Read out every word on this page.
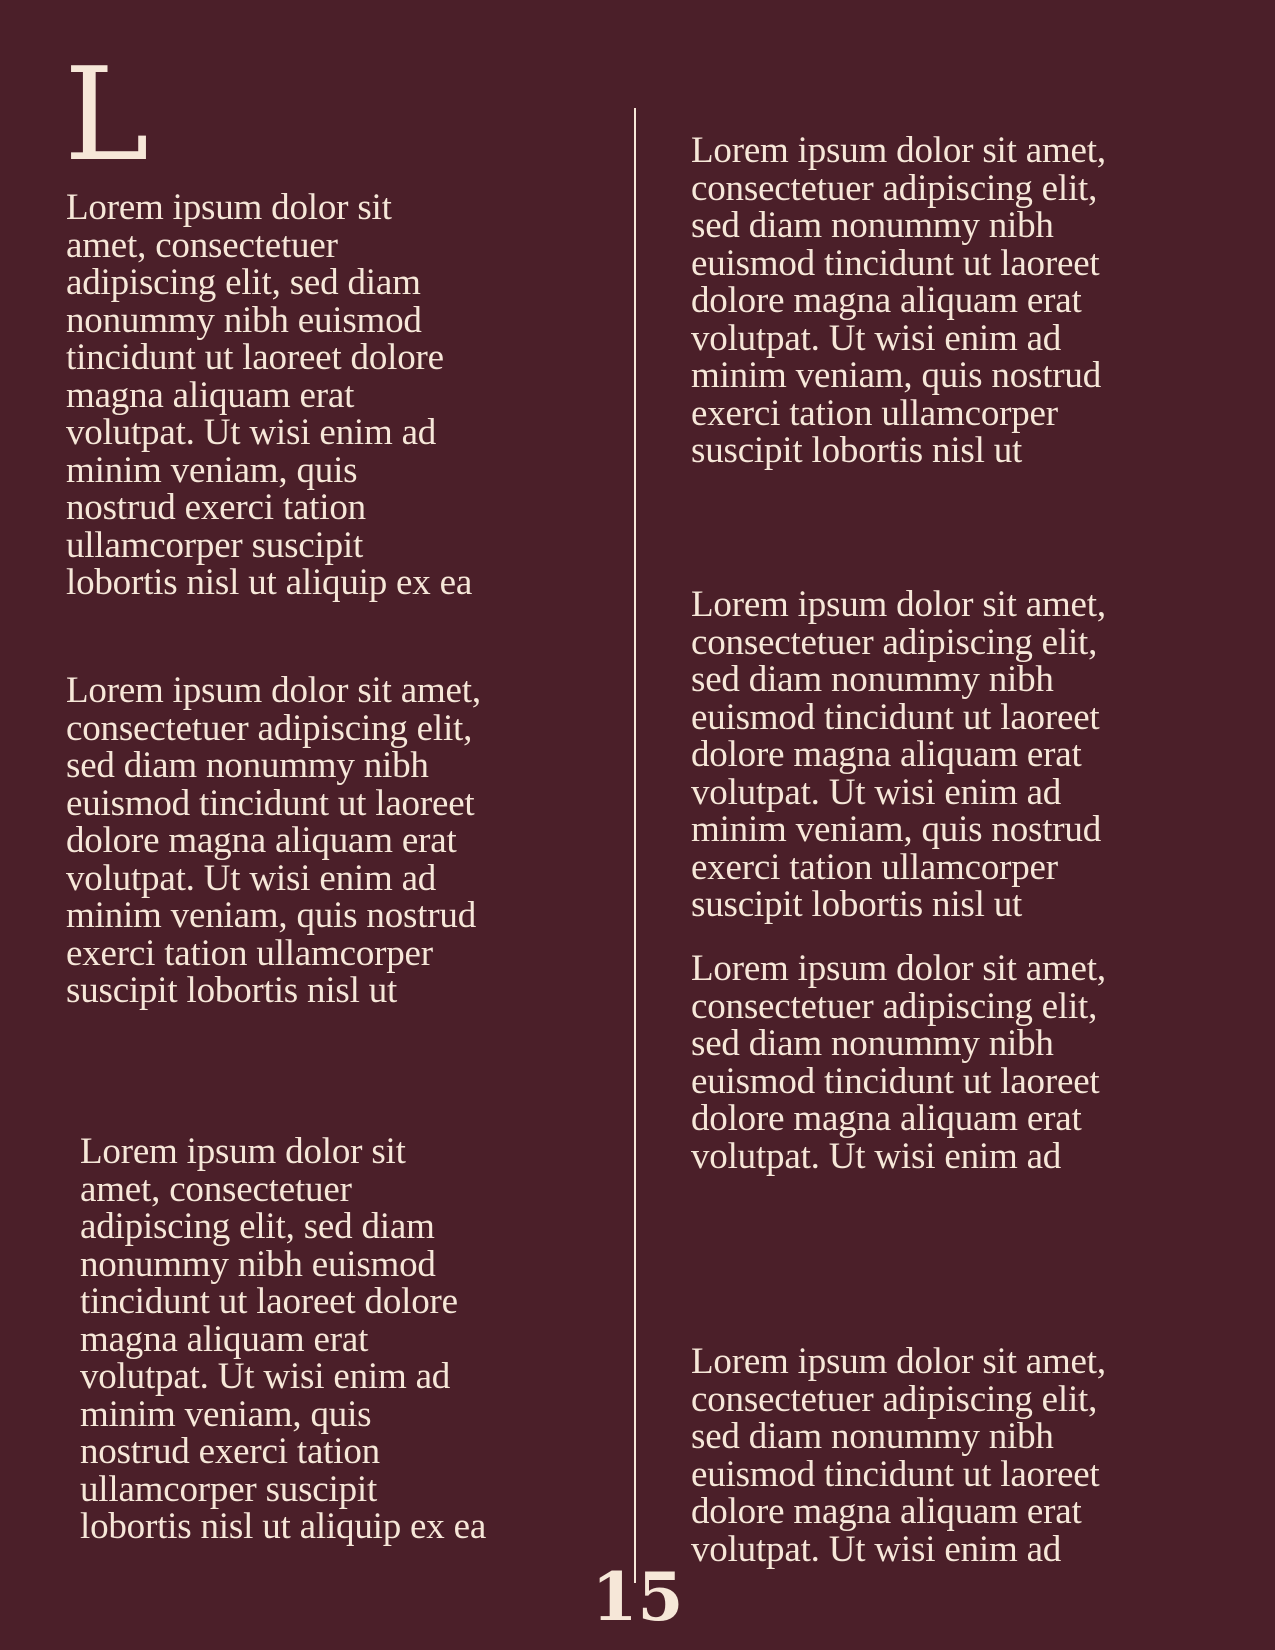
L

Lorem ipsum dolor sit
amet, consectetuer
adipiscing elit, sed diam
nonummy nibh euismod
tincidunt ut laoreet dolore
magna aliquam erat
volutpat. Ut wisi enim ad
minim veniam, quis
nostrud exerci tation
ullamcorper suscipit
lobortis nisl ut aliquip ex ea

Lorem ipsum dolor sit amet,
consectetuer adipiscing elit,
sed diam nonummy nibh
euismod tincidunt ut laoreet
dolore magna aliquam erat
volutpat. Ut wisi enim ad
minim veniam, quis nostrud
exerci tation ullamcorper
suscipit lobortis nisl ut

Lorem ipsum dolor sit
amet, consectetuer
adipiscing elit, sed diam
nonummy nibh euismod
tincidunt ut laoreet dolore
magna aliquam erat
volutpat. Ut wisi enim ad
minim veniam, quis
nostrud exerci tation
ullamcorper suscipit
lobortis nisl ut aliquip ex ea

Lorem ipsum dolor sit amet,
consectetuer adipiscing elit,
sed diam nonummy nibh
euismod tincidunt ut laoreet
dolore magna aliquam erat
volutpat. Ut wisi enim ad
minim veniam, quis nostrud
exerci tation ullamcorper
suscipit lobortis nisl ut

Lorem ipsum dolor sit amet,
consectetuer adipiscing elit,
sed diam nonummy nibh
euismod tincidunt ut laoreet
dolore magna aliquam erat
volutpat. Ut wisi enim ad
minim veniam, quis nostrud
exerci tation ullamcorper
suscipit lobortis nisl ut

Lorem ipsum dolor sit amet,
consectetuer adipiscing elit,
sed diam nonummy nibh
euismod tincidunt ut laoreet
dolore magna aliquam erat
volutpat. Ut wisi enim ad

Lorem ipsum dolor sit amet,
consectetuer adipiscing elit,
sed diam nonummy nibh
euismod tincidunt ut laoreet
dolore magna aliquam erat
volutpat. Ut wisi enim ad

15
